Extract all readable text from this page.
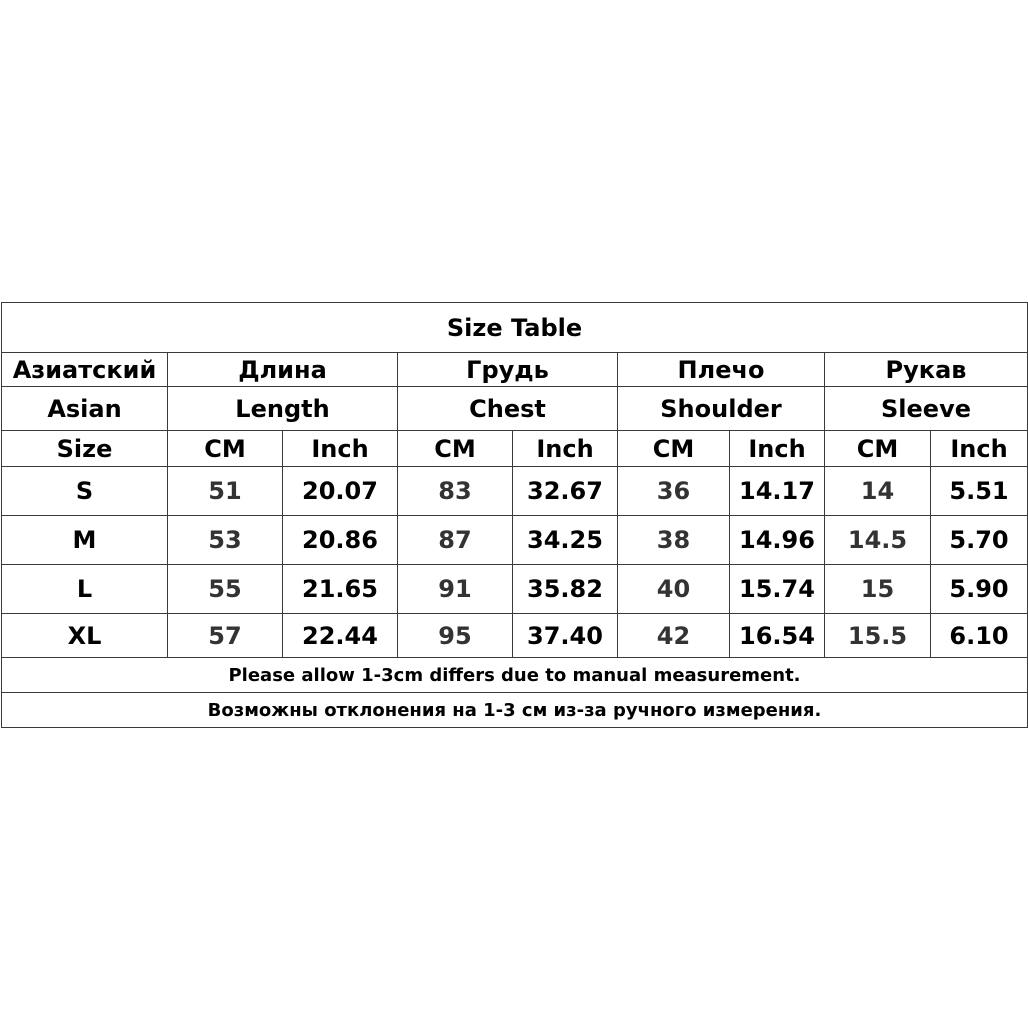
Size Table								
Азиатский	Длина		Грудь		Плечо		Рукав	
Asian	Length		Chest		Shoulder		Sleeve	
Size	CM	Inch	CM	Inch	CM	Inch	CM	Inch
S	51	20.07	83	32.67	36	14.17	14	5.51
M	53	20.86	87	34.25	38	14.96	14.5	5.70
L	55	21.65	91	35.82	40	15.74	15	5.90
XL	57	22.44	95	37.40	42	16.54	15.5	6.10
Please allow 1-3cm differs due to manual measurement.								
Возможны отклонения на 1-3 см из-за ручного измерения.								
